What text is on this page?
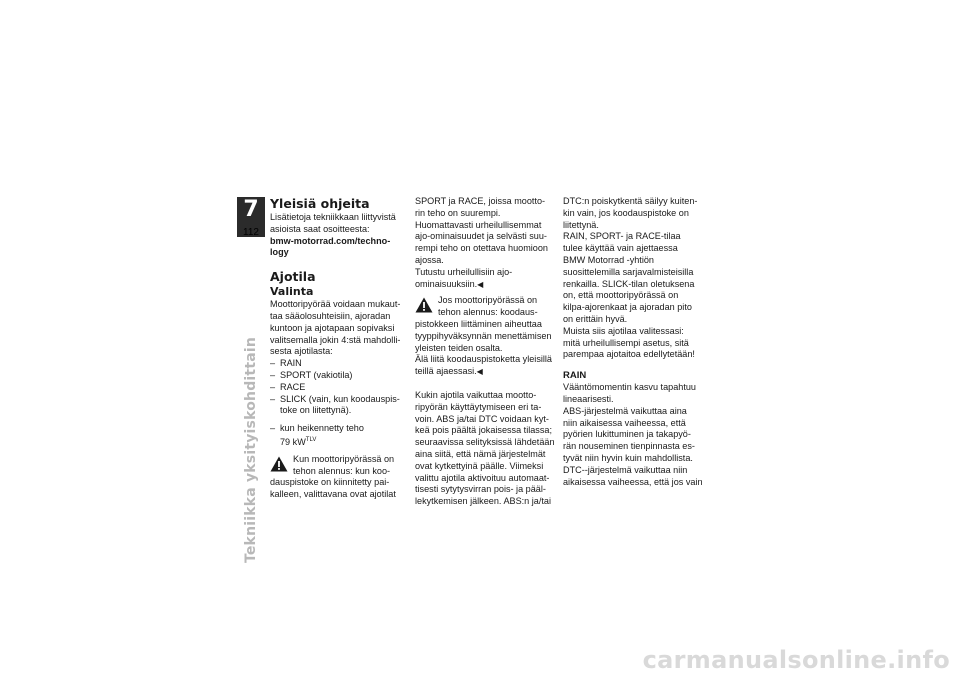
7
112
Tekniikka yksityiskohdittain
Yleisiä ohjeita

Lisätietoja tekniikkaan liittyvistä
asioista saat osoitteesta:

bmw-motorrad.com/techno-
logy

Ajotila
Valinta

Moottoripyörää voidaan mukaut-
taa sääolosuhteisiin, ajoradan
kuntoon ja ajotapaan sopivaksi
valitsemalla jokin 4:stä mahdolli-
sesta ajotilasta:

– RAIN
– SPORT (vakiotila)
– RACE
– SLICK (vain, kun koodauspis-

toke on liitettynä).

– kun heikennetty teho

79 $kW^{TLV}$

Kun moottoripyörässä on
tehon alennus: kun koo-

dauspistoke on kiinnitetty pai-
kalleen, valittavana ovat ajotilat

SPORT ja RACE, joissa mootto-
rin teho on suurempi.
Huomattavasti urheilullisemmat
ajo-ominaisuudet ja selvästi suu-
rempi teho on otettava huomioon
ajossa.
Tutustu urheilullisiin ajo-
ominaisuuksiin.◀

Jos moottoripyörässä on
tehon alennus: koodaus-

pistokkeen liittäminen aiheuttaa
tyyppihyväksynnän menettämisen
yleisten teiden osalta.
Älä liitä koodauspistoketta yleisillä
teillä ajaessasi.◀

Kukin ajotila vaikuttaa mootto-
ripyörän käyttäytymiseen eri ta-
voin. ABS ja/tai DTC voidaan kyt-
keä pois päältä jokaisessa tilassa;
seuraavissa selityksissä lähdetään
aina siitä, että nämä järjestelmät
ovat kytkettyinä päälle. Viimeksi
valittu ajotila aktivoituu automaat-
tisesti sytytysvirran pois- ja pääl-
lekytkemisen jälkeen. ABS:n ja/tai

DTC:n poiskytkentä säilyy kuiten-
kin vain, jos koodauspistoke on
liitettynä.
RAIN, SPORT- ja RACE-tilaa
tulee käyttää vain ajettaessa
BMW Motorrad -yhtiön
suosittelemilla sarjavalmisteisilla
renkailla. SLICK-tilan oletuksena
on, että moottoripyörässä on
kilpa-ajorenkaat ja ajoradan pito
on erittäin hyvä.
Muista siis ajotilaa valitessasi:
mitä urheilullisempi asetus, sitä
parempaa ajotaitoa edellytetään!

RAIN

Vääntömomentin kasvu tapahtuu
lineaarisesti.
ABS-järjestelmä vaikuttaa aina
niin aikaisessa vaiheessa, että
pyörien lukittuminen ja takapyö-
rän nouseminen tienpinnasta es-
tyvät niin hyvin kuin mahdollista.
DTC--järjestelmä vaikuttaa niin
aikaisessa vaiheessa, että jos vain

carmanualsonline.info
